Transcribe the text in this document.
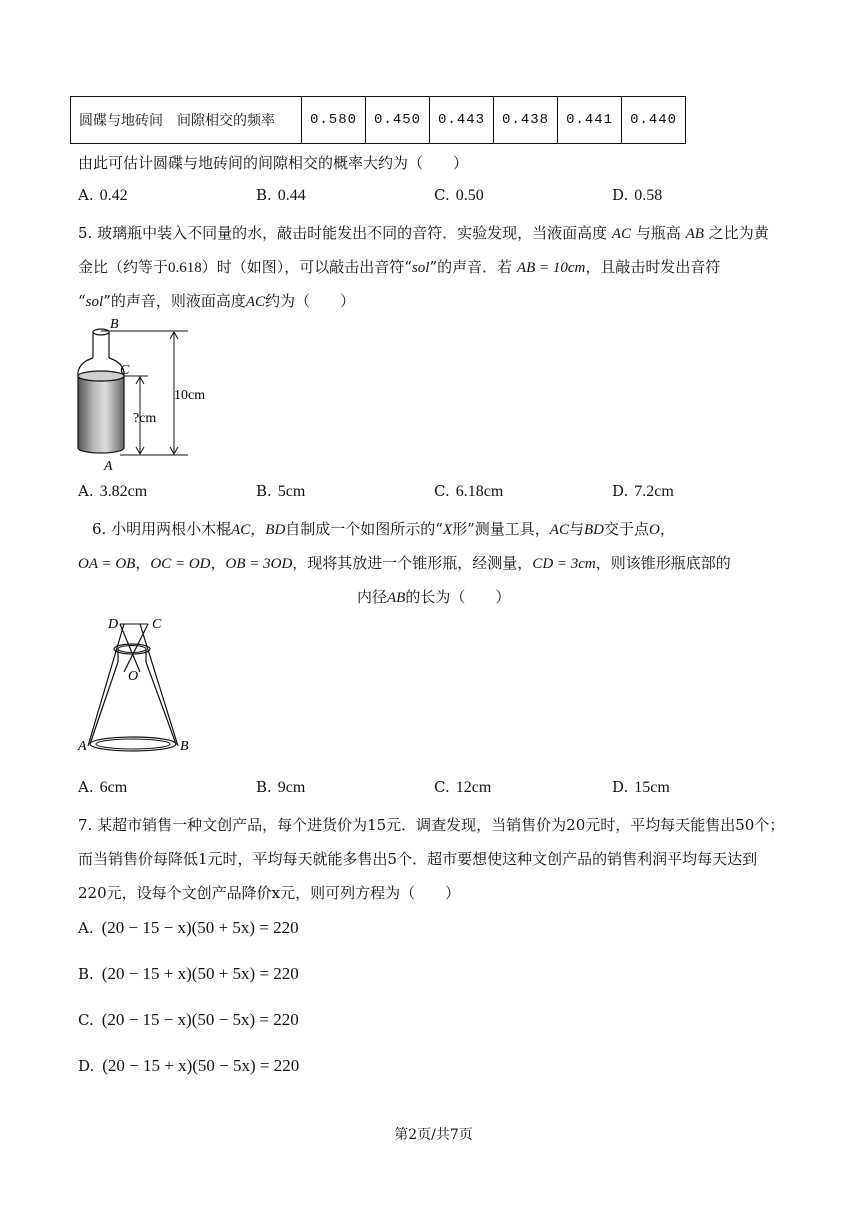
圆碟与地砖间　间隙相交的频率	0.580	0.450	0.443	0.438	0.441	0.440
由此可估计圆碟与地砖间的间隙相交的概率大约为（　　）
A. 0.42	B. 0.44	C. 0.50	D. 0.58
5. 玻璃瓶中装入不同量的水，敲击时能发出不同的音符．实验发现，当液面高度 AC 与瓶高 AB 之比为黄
金比（约等于0.618）时（如图），可以敲击出音符“sol”的声音．若 AB = 10cm，且敲击时发出音符
“sol”的声音，则液面高度AC约为（　　）
B
C
A
?cm
10cm
A. 3.82cm	B. 5cm	C. 6.18cm	D. 7.2cm
6. 小明用两根小木棍AC，BD自制成一个如图所示的“X形”测量工具，AC与BD交于点O，
OA = OB，OC = OD，OB = 3OD，现将其放进一个锥形瓶，经测量，CD = 3cm，则该锥形瓶底部的
内径AB的长为（　　）
D C
O
A	B
A. 6cm	B. 9cm	C. 12cm	D. 15cm
7. 某超市销售一种文创产品，每个进货价为15元．调查发现，当销售价为20元时，平均每天能售出50个；
而当销售价每降低1元时，平均每天就能多售出5个．超市要想使这种文创产品的销售利润平均每天达到
220元，设每个文创产品降价x元，则可列方程为（　　）
A. (20 − 15 − x)(50 + 5x) = 220
B. (20 − 15 + x)(50 + 5x) = 220
C. (20 − 15 − x)(50 − 5x) = 220
D. (20 − 15 + x)(50 − 5x) = 220
第2页/共7页
